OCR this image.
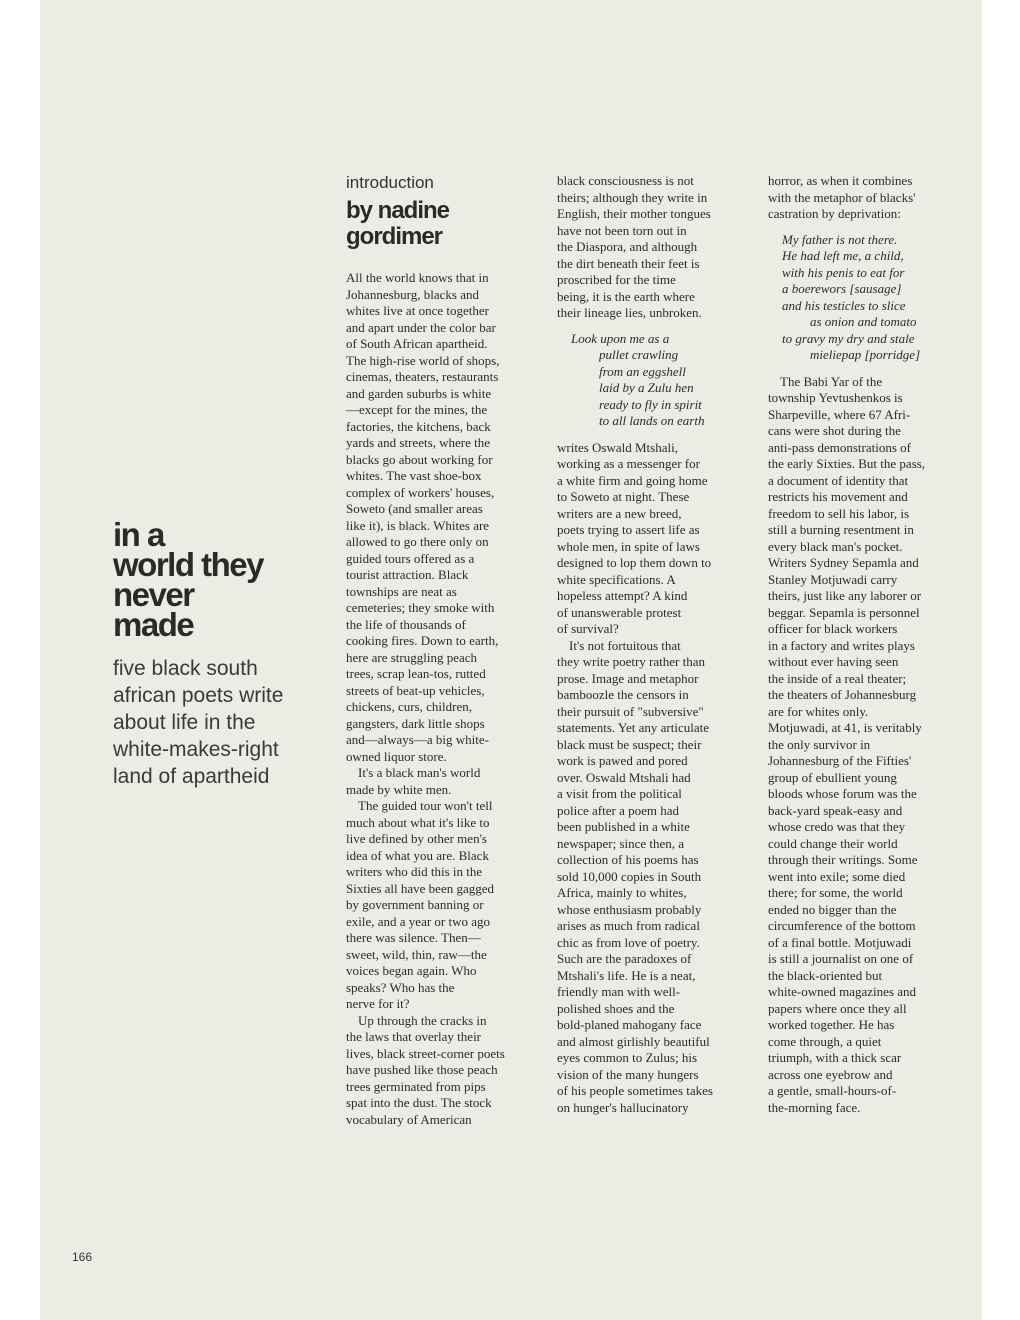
in a
world they
never
made
five black south
african poets write
about life in the
white-makes-right
land of apartheid
introduction
by nadine
gordimer
All the world knows that in
Johannesburg, blacks and
whites live at once together
and apart under the color bar
of South African apartheid.
The high-rise world of shops,
cinemas, theaters, restaurants
and garden suburbs is white
—except for the mines, the
factories, the kitchens, back
yards and streets, where the
blacks go about working for
whites. The vast shoe-box
complex of workers' houses,
Soweto (and smaller areas
like it), is black. Whites are
allowed to go there only on
guided tours offered as a
tourist attraction. Black
townships are neat as
cemeteries; they smoke with
the life of thousands of
cooking fires. Down to earth,
here are struggling peach
trees, scrap lean-tos, rutted
streets of beat-up vehicles,
chickens, curs, children,
gangsters, dark little shops
and—always—a big white-
owned liquor store.
It's a black man's world
made by white men.
The guided tour won't tell
much about what it's like to
live defined by other men's
idea of what you are. Black
writers who did this in the
Sixties all have been gagged
by government banning or
exile, and a year or two ago
there was silence. Then—
sweet, wild, thin, raw—the
voices began again. Who
speaks? Who has the
nerve for it?
Up through the cracks in
the laws that overlay their
lives, black street-corner poets
have pushed like those peach
trees germinated from pips
spat into the dust. The stock
vocabulary of American
black consciousness is not
theirs; although they write in
English, their mother tongues
have not been torn out in
the Diaspora, and although
the dirt beneath their feet is
proscribed for the time
being, it is the earth where
their lineage lies, unbroken.
Look upon me as a
pullet crawling
from an eggshell
laid by a Zulu hen
ready to fly in spirit
to all lands on earth
writes Oswald Mtshali,
working as a messenger for
a white firm and going home
to Soweto at night. These
writers are a new breed,
poets trying to assert life as
whole men, in spite of laws
designed to lop them down to
white specifications. A
hopeless attempt? A kind
of unanswerable protest
of survival?
It's not fortuitous that
they write poetry rather than
prose. Image and metaphor
bamboozle the censors in
their pursuit of "subversive"
statements. Yet any articulate
black must be suspect; their
work is pawed and pored
over. Oswald Mtshali had
a visit from the political
police after a poem had
been published in a white
newspaper; since then, a
collection of his poems has
sold 10,000 copies in South
Africa, mainly to whites,
whose enthusiasm probably
arises as much from radical
chic as from love of poetry.
Such are the paradoxes of
Mtshali's life. He is a neat,
friendly man with well-
polished shoes and the
bold-planed mahogany face
and almost girlishly beautiful
eyes common to Zulus; his
vision of the many hungers
of his people sometimes takes
on hunger's hallucinatory
horror, as when it combines
with the metaphor of blacks'
castration by deprivation:
My father is not there.
He had left me, a child,
with his penis to eat for
a boerewors [sausage]
and his testicles to slice
as onion and tomato
to gravy my dry and stale
mieliepap [porridge]
The Babi Yar of the
township Yevtushenkos is
Sharpeville, where 67 Afri-
cans were shot during the
anti-pass demonstrations of
the early Sixties. But the pass,
a document of identity that
restricts his movement and
freedom to sell his labor, is
still a burning resentment in
every black man's pocket.
Writers Sydney Sepamla and
Stanley Motjuwadi carry
theirs, just like any laborer or
beggar. Sepamla is personnel
officer for black workers
in a factory and writes plays
without ever having seen
the inside of a real theater;
the theaters of Johannesburg
are for whites only.
Motjuwadi, at 41, is veritably
the only survivor in
Johannesburg of the Fifties'
group of ebullient young
bloods whose forum was the
back-yard speak-easy and
whose credo was that they
could change their world
through their writings. Some
went into exile; some died
there; for some, the world
ended no bigger than the
circumference of the bottom
of a final bottle. Motjuwadi
is still a journalist on one of
the black-oriented but
white-owned magazines and
papers where once they all
worked together. He has
come through, a quiet
triumph, with a thick scar
across one eyebrow and
a gentle, small-hours-of-
the-morning face.
166
